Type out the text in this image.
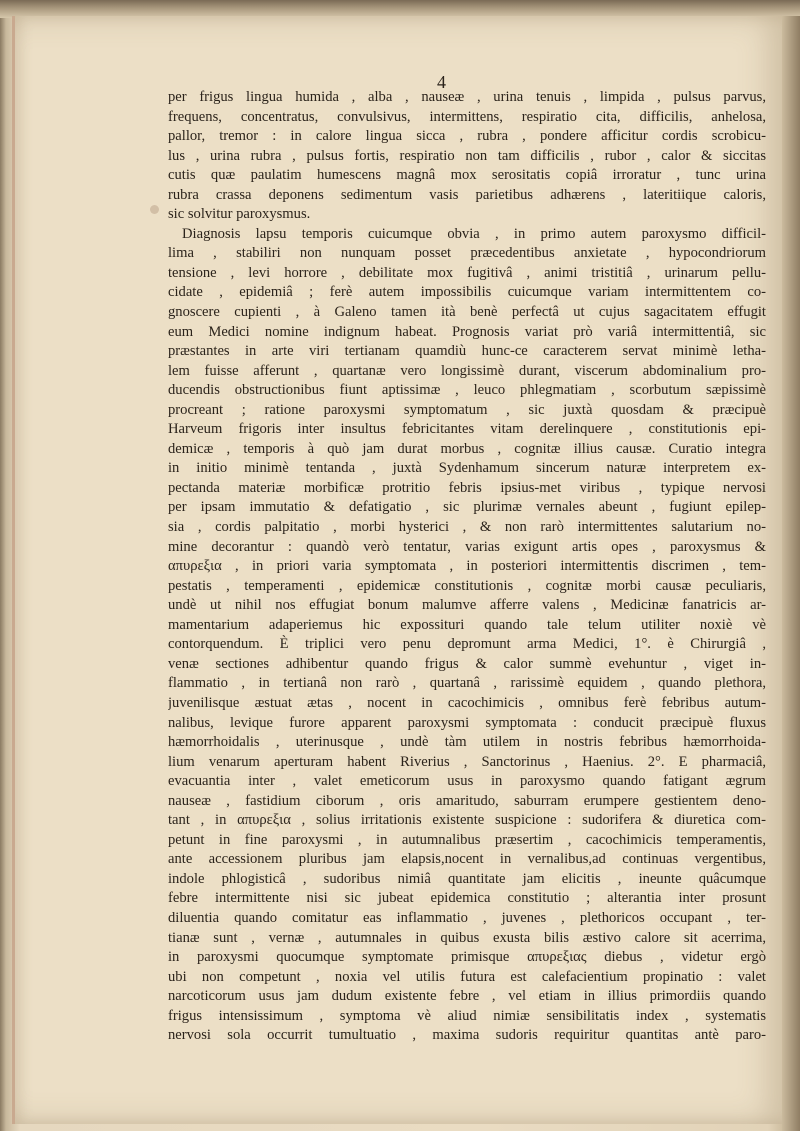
4
per frigus lingua humida , alba , nauseæ , urina tenuis , limpida , pulsus parvus,
frequens, concentratus, convulsivus, intermittens, respiratio cita, difficilis, anhelosa,
pallor, tremor : in calore lingua sicca , rubra , pondere afficitur cordis scrobicu-
lus , urina rubra , pulsus fortis, respiratio non tam difficilis , rubor , calor & siccitas
cutis quæ paulatim humescens magnâ mox serositatis copiâ irroratur , tunc urina
rubra crassa deponens sedimentum vasis parietibus adhærens , lateritiique caloris,
sic solvitur paroxysmus.
Diagnosis lapsu temporis cuicumque obvia , in primo autem paroxysmo difficil-
lima , stabiliri non nunquam posset præcedentibus anxietate , hypocondriorum
tensione , levi horrore , debilitate mox fugitivâ , animi tristitiâ , urinarum pellu-
cidate , epidemiâ ; ferè autem impossibilis cuicumque variam intermittentem co-
gnoscere cupienti , à Galeno tamen ità benè perfectâ ut cujus sagacitatem effugit
eum Medici nomine indignum habeat. Prognosis variat prò variâ intermittentiâ, sic
præstantes in arte viri tertianam quamdiù hunc-ce caracterem servat minimè letha-
lem fuisse afferunt , quartanæ vero longissimè durant, viscerum abdominalium pro-
ducendis obstructionibus fiunt aptissimæ , leuco phlegmatiam , scorbutum sæpissimè
procreant ; ratione paroxysmi symptomatum , sic juxtà quosdam & præcipuè
Harveum frigoris inter insultus febricitantes vitam derelinquere , constitutionis epi-
demicæ , temporis à quò jam durat morbus , cognitæ illius causæ. Curatio integra
in initio minimè tentanda , juxtà Sydenhamum sincerum naturæ interpretem ex-
pectanda materiæ morbificæ protritio febris ipsius-met viribus , typique nervosi
per ipsam immutatio & defatigatio , sic plurimæ vernales abeunt , fugiunt epilep-
sia , cordis palpitatio , morbi hysterici , & non rarò intermittentes salutarium no-
mine decorantur : quandò verò tentatur, varias exigunt artis opes , paroxysmus &
απυρεξια , in priori varia symptomata , in posteriori intermittentis discrimen , tem-
pestatis , temperamenti , epidemicæ constitutionis , cognitæ morbi causæ peculiaris,
undè ut nihil nos effugiat bonum malumve afferre valens , Medicinæ fanatricis ar-
mamentarium adaperiemus hic expossituri quando tale telum utiliter noxiè vè
contorquendum. È triplici vero penu depromunt arma Medici, 1°. è Chirurgiâ ,
venæ sectiones adhibentur quando frigus & calor summè evehuntur , viget in-
flammatio , in tertianâ non rarò , quartanâ , rarissimè equidem , quando plethora,
juvenilisque æstuat ætas , nocent in cacochimicis , omnibus ferè febribus autum-
nalibus, levique furore apparent paroxysmi symptomata : conducit præcipuè fluxus
hæmorrhoidalis , uterinusque , undè tàm utilem in nostris febribus hæmorrhoida-
lium venarum aperturam habent Riverius , Sanctorinus , Haenius. 2°. E pharmaciâ,
evacuantia inter , valet emeticorum usus in paroxysmo quando fatigant ægrum
nauseæ , fastidium ciborum , oris amaritudo, saburram erumpere gestientem deno-
tant , in απυρεξια , solius irritationis existente suspicione : sudorifera & diuretica com-
petunt in fine paroxysmi , in autumnalibus præsertim , cacochimicis temperamentis,
ante accessionem pluribus jam elapsis,nocent in vernalibus,ad continuas vergentibus,
indole phlogisticâ , sudoribus nimiâ quantitate jam elicitis , ineunte quâcumque
febre intermittente nisi sic jubeat epidemica constitutio ; alterantia inter prosunt
diluentia quando comitatur eas inflammatio , juvenes , plethoricos occupant , ter-
tianæ sunt , vernæ , autumnales in quibus exusta bilis æstivo calore sit acerrima,
in paroxysmi quocumque symptomate primisque απυρεξιας diebus , videtur ergò
ubi non competunt , noxia vel utilis futura est calefacientium propinatio : valet
narcoticorum usus jam dudum existente febre , vel etiam in illius primordiis quando
frigus intensissimum , symptoma vè aliud nimiæ sensibilitatis index , systematis
nervosi sola occurrit tumultuatio , maxima sudoris requiritur quantitas antè paro-
